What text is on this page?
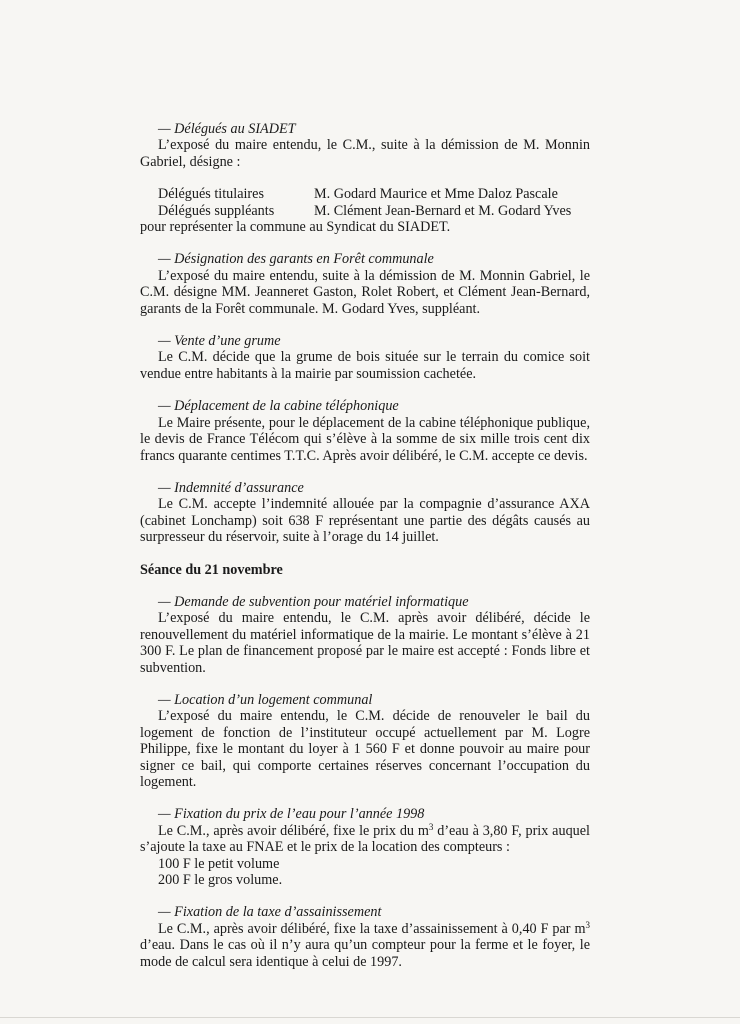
— Délégués au SIADET

L’exposé du maire entendu, le C.M., suite à la démission de M. Monnin Gabriel, désigne :

Délégués titulaires	M. Godard Maurice et Mme Daloz Pascale
Délégués suppléants	M. Clément Jean-Bernard et M. Godard Yves

pour représenter la commune au Syndicat du SIADET.

— Désignation des garants en Forêt communale

L’exposé du maire entendu, suite à la démission de M. Monnin Gabriel, le C.M. désigne MM. Jeanneret Gaston, Rolet Robert, et Clément Jean-Bernard, garants de la Forêt communale. M. Godard Yves, suppléant.

— Vente d’une grume

Le C.M. décide que la grume de bois située sur le terrain du comice soit vendue entre habitants à la mairie par soumission cachetée.

— Déplacement de la cabine téléphonique

Le Maire présente, pour le déplacement de la cabine téléphonique publique, le devis de France Télécom qui s’élève à la somme de six mille trois cent dix francs quarante centimes T.T.C. Après avoir délibéré, le C.M. accepte ce devis.

— Indemnité d’assurance

Le C.M. accepte l’indemnité allouée par la compagnie d’assurance AXA (cabinet Lonchamp) soit 638 F représentant une partie des dégâts causés au surpresseur du réservoir, suite à l’orage du 14 juillet.

Séance du 21 novembre

— Demande de subvention pour matériel informatique

L’exposé du maire entendu, le C.M. après avoir délibéré, décide le renouvellement du matériel informatique de la mairie. Le montant s’élève à 21 300 F. Le plan de financement proposé par le maire est accepté : Fonds libre et subvention.

— Location d’un logement communal

L’exposé du maire entendu, le C.M. décide de renouveler le bail du logement de fonction de l’instituteur occupé actuellement par M. Logre Philippe, fixe le montant du loyer à 1 560 F et donne pouvoir au maire pour signer ce bail, qui comporte certaines réserves concernant l’occupation du logement.

— Fixation du prix de l’eau pour l’année 1998

Le C.M., après avoir délibéré, fixe le prix du $m^3$ d’eau à 3,80 F, prix auquel s’ajoute la taxe au FNAE et le prix de la location des compteurs :

100 F le petit volume

200 F le gros volume.

— Fixation de la taxe d’assainissement

Le C.M., après avoir délibéré, fixe la taxe d’assainissement à 0,40 F par $m^3$ d’eau. Dans le cas où il n’y aura qu’un compteur pour la ferme et le foyer, le mode de calcul sera identique à celui de 1997.
